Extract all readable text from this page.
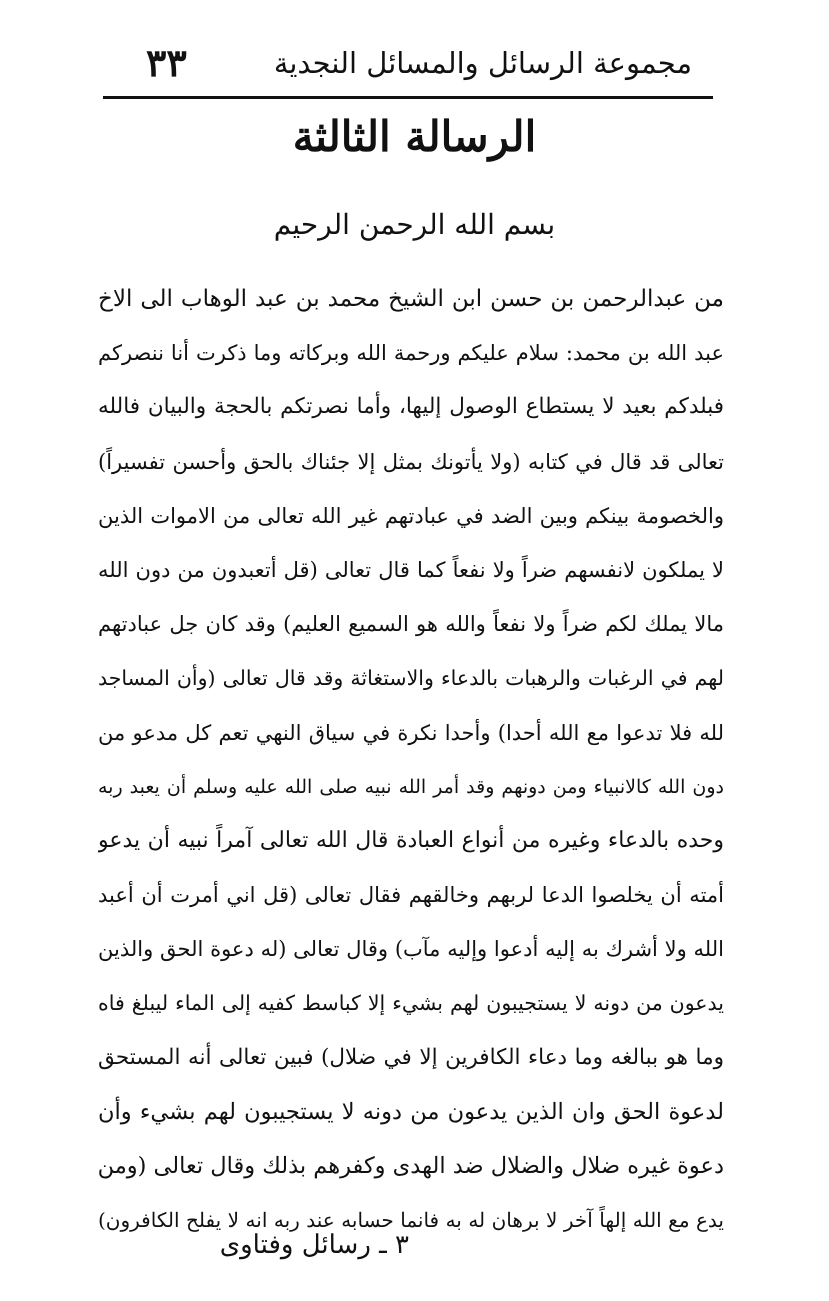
٣٣	مجموعة الرسائل والمسائل النجدية
الرسالة الثالثة
بسم الله الرحمن الرحيم
من عبدالرحمن بن حسن ابن الشيخ محمد بن عبد الوهاب الى الاخ
عبد الله بن محمد: سلام عليكم ورحمة الله وبركاته وما ذكرت أنا ننصركم
فبلدكم بعيد لا يستطاع الوصول إليها، وأما نصرتكم بالحجة والبيان فالله
تعالى قد قال في كتابه (ولا يأتونك بمثل إلا جئناك بالحق وأحسن تفسيراً)
والخصومة بينكم وبين الضد في عبادتهم غير الله تعالى من الاموات الذين
لا يملكون لانفسهم ضراً ولا نفعاً كما قال تعالى (قل أتعبدون من دون الله
مالا يملك لكم ضراً ولا نفعاً والله هو السميع العليم) وقد كان جل عبادتهم
لهم في الرغبات والرهبات بالدعاء والاستغاثة وقد قال تعالى (وأن المساجد
لله فلا تدعوا مع الله أحدا) وأحدا نكرة في سياق النهي تعم كل مدعو من
دون الله كالانبياء ومن دونهم وقد أمر الله نبيه صلى الله عليه وسلم أن يعبد ربه
وحده بالدعاء وغيره من أنواع العبادة قال الله تعالى آمراً نبيه أن يدعو
أمته أن يخلصوا الدعا لربهم وخالقهم فقال تعالى (قل اني أمرت أن أعبد
الله ولا أشرك به إليه أدعوا وإليه مآب) وقال تعالى (له دعوة الحق والذين
يدعون من دونه لا يستجيبون لهم بشيء إلا كباسط كفيه إلى الماء ليبلغ فاه
وما هو ببالغه وما دعاء الكافرين إلا في ضلال) فبين تعالى أنه المستحق
لدعوة الحق وان الذين يدعون من دونه لا يستجيبون لهم بشيء وأن
دعوة غيره ضلال والضلال ضد الهدى وكفرهم بذلك وقال تعالى (ومن
يدع مع الله إلهاً آخر لا برهان له به فانما حسابه عند ربه انه لا يفلح الكافرون)
٣ ـ رسائل وفتاوى
